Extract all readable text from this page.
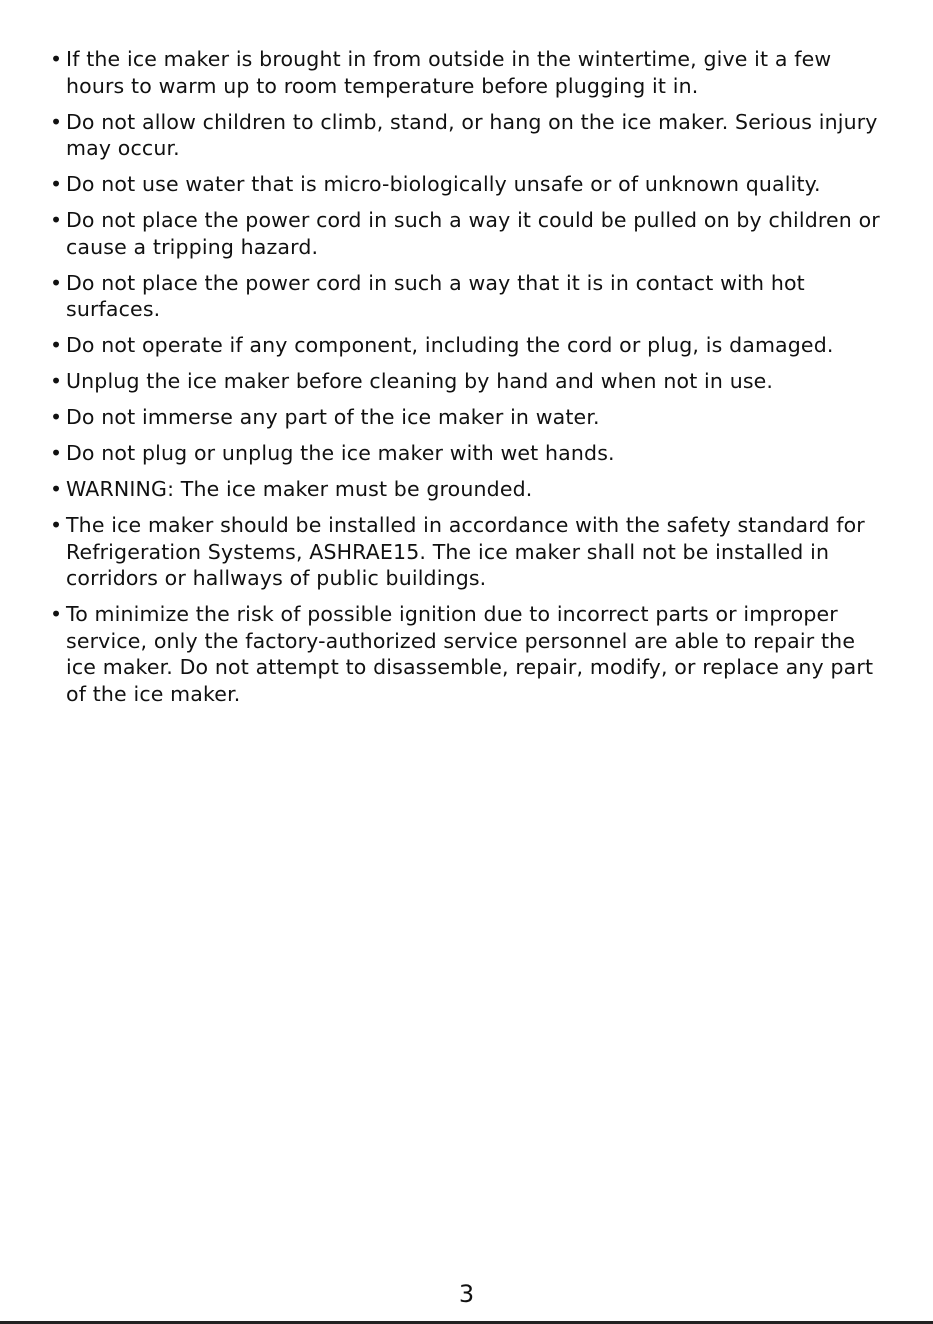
• If the ice maker is brought in from outside in the wintertime, give it a few hours to warm up to room temperature before plugging it in.
• Do not allow children to climb, stand, or hang on the ice maker. Serious injury may occur.
• Do not use water that is micro-biologically unsafe or of unknown quality.
• Do not place the power cord in such a way it could be pulled on by children or cause a tripping hazard.
• Do not place the power cord in such a way that it is in contact with hot surfaces.
• Do not operate if any component, including the cord or plug, is damaged.
• Unplug the ice maker before cleaning by hand and when not in use.
• Do not immerse any part of the ice maker in water.
• Do not plug or unplug the ice maker with wet hands.
• WARNING: The ice maker must be grounded.
• The ice maker should be installed in accordance with the safety standard for Refrigeration Systems, ASHRAE15. The ice maker shall not be installed in corridors or hallways of public buildings.
• To minimize the risk of possible ignition due to incorrect parts or improper service, only the factory-authorized service personnel are able to repair the ice maker. Do not attempt to disassemble, repair, modify, or replace any part of the ice maker.
3
